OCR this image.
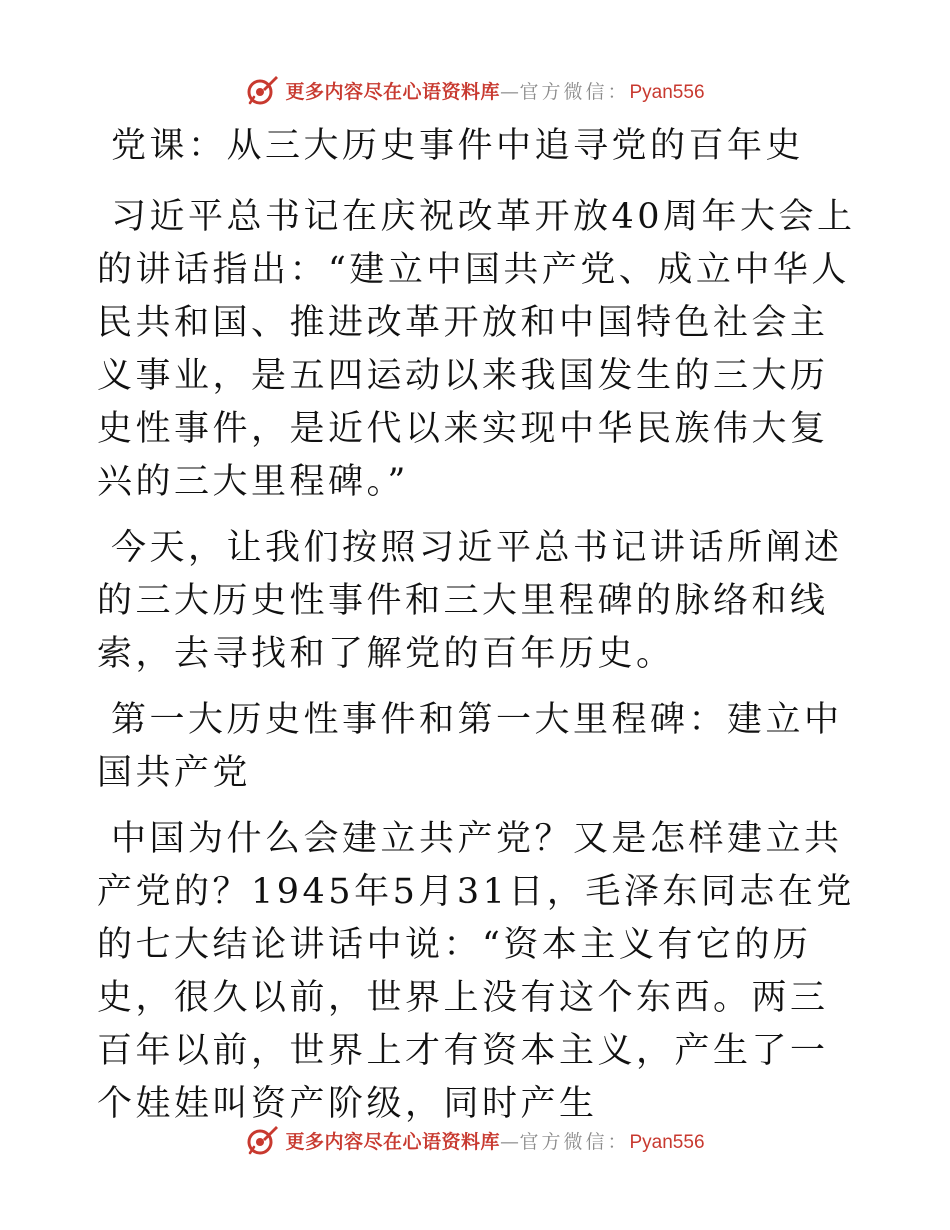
更多内容尽在心语资料库—官方微信：Pyan556

党课：从三大历史事件中追寻党的百年史

习近平总书记在庆祝改革开放40周年大会上的讲话指出：“建立中国共产党、成立中华人民共和国、推进改革开放和中国特色社会主义事业，是五四运动以来我国发生的三大历史性事件，是近代以来实现中华民族伟大复兴的三大里程碑。”

今天，让我们按照习近平总书记讲话所阐述的三大历史性事件和三大里程碑的脉络和线索，去寻找和了解党的百年历史。

第一大历史性事件和第一大里程碑：建立中国共产党

中国为什么会建立共产党？又是怎样建立共产党的？1945年5月31日，毛泽东同志在党的七大结论讲话中说：“资本主义有它的历史，很久以前，世界上没有这个东西。两三百年以前，世界上才有资本主义，产生了一个娃娃叫资产阶级，同时产生

更多内容尽在心语资料库—官方微信：Pyan556
